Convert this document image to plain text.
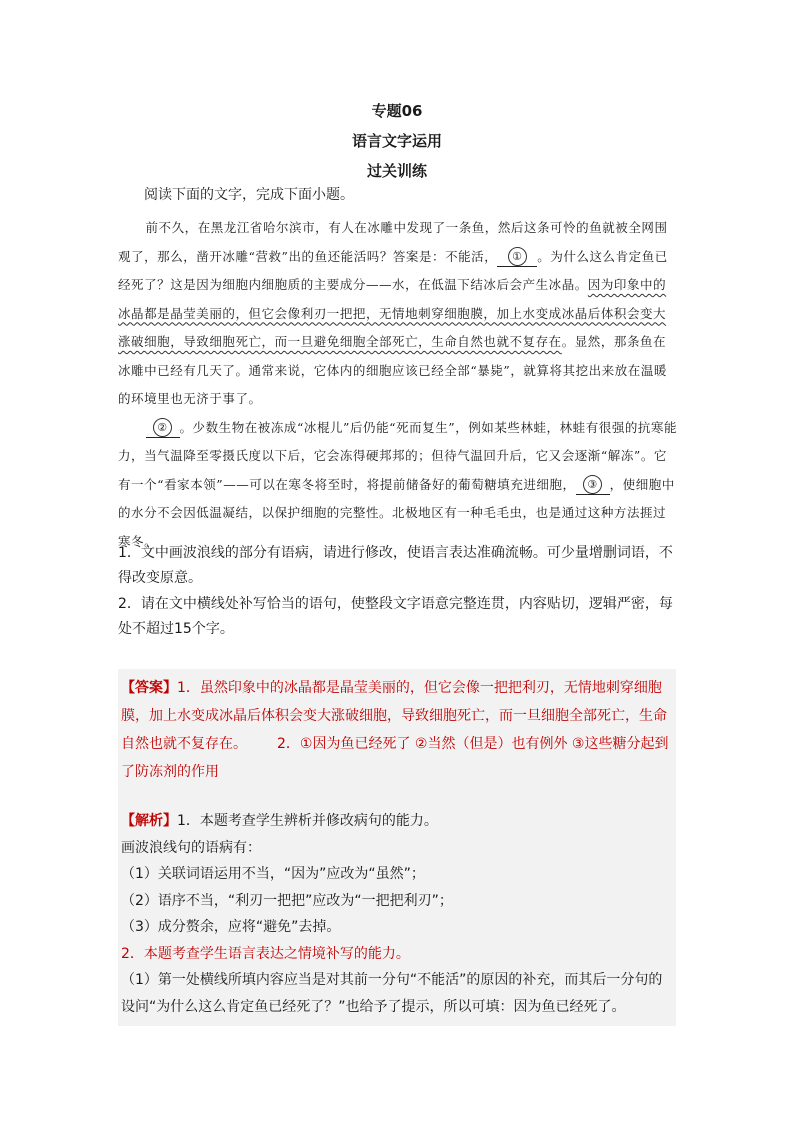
专题06
语言文字运用
过关训练
阅读下面的文字，完成下面小题。

前不久，在黑龙江省哈尔滨市，有人在冰雕中发现了一条鱼，然后这条可怜的鱼就被全网围观了，那么，凿开冰雕“营救”出的鱼还能活吗？答案是：不能活， ① 。为什么这么肯定鱼已经死了？这是因为细胞内细胞质的主要成分——水，在低温下结冰后会产生冰晶。因为印象中的冰晶都是晶莹美丽的，但它会像利刃一把把，无情地刺穿细胞膜，加上水变成冰晶后体积会变大涨破细胞，导致细胞死亡，而一旦避免细胞全部死亡，生命自然也就不复存在。显然，那条鱼在冰雕中已经有几天了。通常来说，它体内的细胞应该已经全部“暴毙”，就算将其挖出来放在温暖的环境里也无济于事了。

② 。少数生物在被冻成“冰棍儿”后仍能“死而复生”，例如某些林蛙，林蛙有很强的抗寒能力，当气温降至零摄氏度以下后，它会冻得硬邦邦的；但待气温回升后，它又会逐渐“解冻”。它有一个“看家本领”——可以在寒冬将至时，将提前储备好的葡萄糖填充进细胞， ③ ，使细胞中的水分不会因低温凝结，以保护细胞的完整性。北极地区有一种毛毛虫，也是通过这种方法捱过寒冬。

1．文中画波浪线的部分有语病，请进行修改，使语言表达准确流畅。可少量增删词语，不得改变原意。

2．请在文中横线处补写恰当的语句，使整段文字语意完整连贯，内容贴切，逻辑严密，每处不超过15个字。

【答案】1．虽然印象中的冰晶都是晶莹美丽的，但它会像一把把利刃，无情地刺穿细胞膜，加上水变成冰晶后体积会变大涨破细胞，导致细胞死亡，而一旦细胞全部死亡，生命自然也就不复存在。 2．①因为鱼已经死了 ②当然（但是）也有例外 ③这些糖分起到了防冻剂的作用

【解析】1．本题考查学生辨析并修改病句的能力。

画波浪线句的语病有：

（1）关联词语运用不当，“因为”应改为“虽然”；

（2）语序不当，“利刃一把把”应改为“一把把利刃”；

（3）成分赘余，应将“避免”去掉。

2．本题考查学生语言表达之情境补写的能力。

（1）第一处横线所填内容应当是对其前一分句“不能活”的原因的补充，而其后一分句的设问“为什么这么肯定鱼已经死了？”也给予了提示，所以可填：因为鱼已经死了。
